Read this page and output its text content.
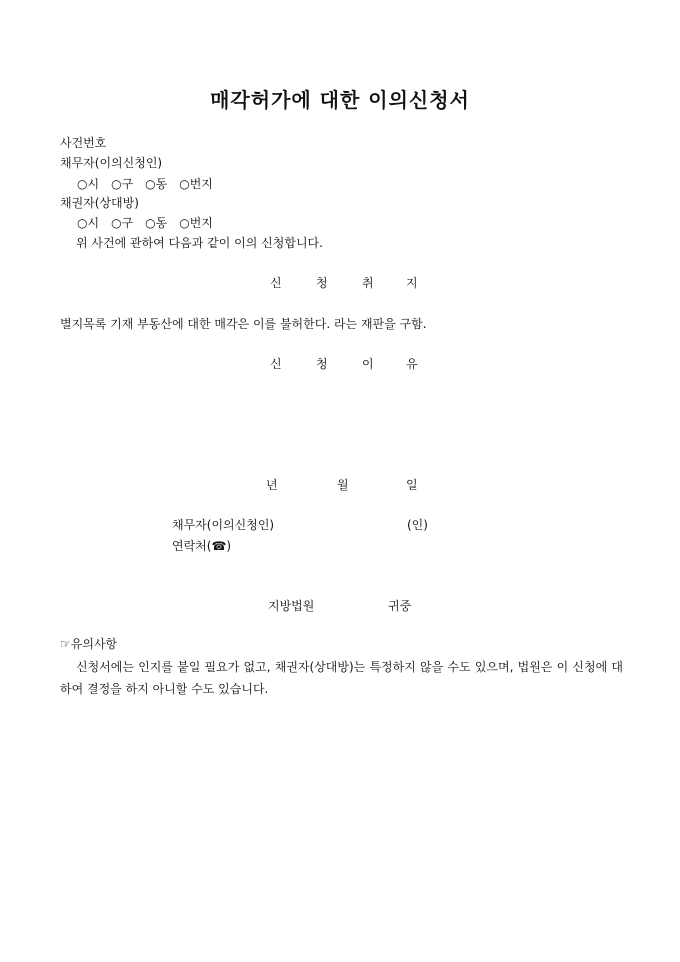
매각허가에 대한 이의신청서
사건번호
채무자(이의신청인)
○시 ○구 ○동 ○번지
채권자(상대방)
○시 ○구 ○동 ○번지
위 사건에 관하여 다음과 같이 이의 신청합니다.
신	청	취	지
별지목록 기재 부동산에 대한 매각은 이를 불허한다. 라는 재판을 구함.
신	청	이	유
년	월	일
채무자(이의신청인)	(인)
연락처(☎)
지방법원	귀중
☞유의사항
신청서에는 인지를 붙일 필요가 없고, 채권자(상대방)는 특정하지 않을 수도 있으며, 법원은 이 신청에 대하여 결정을 하지 아니할 수도 있습니다.
